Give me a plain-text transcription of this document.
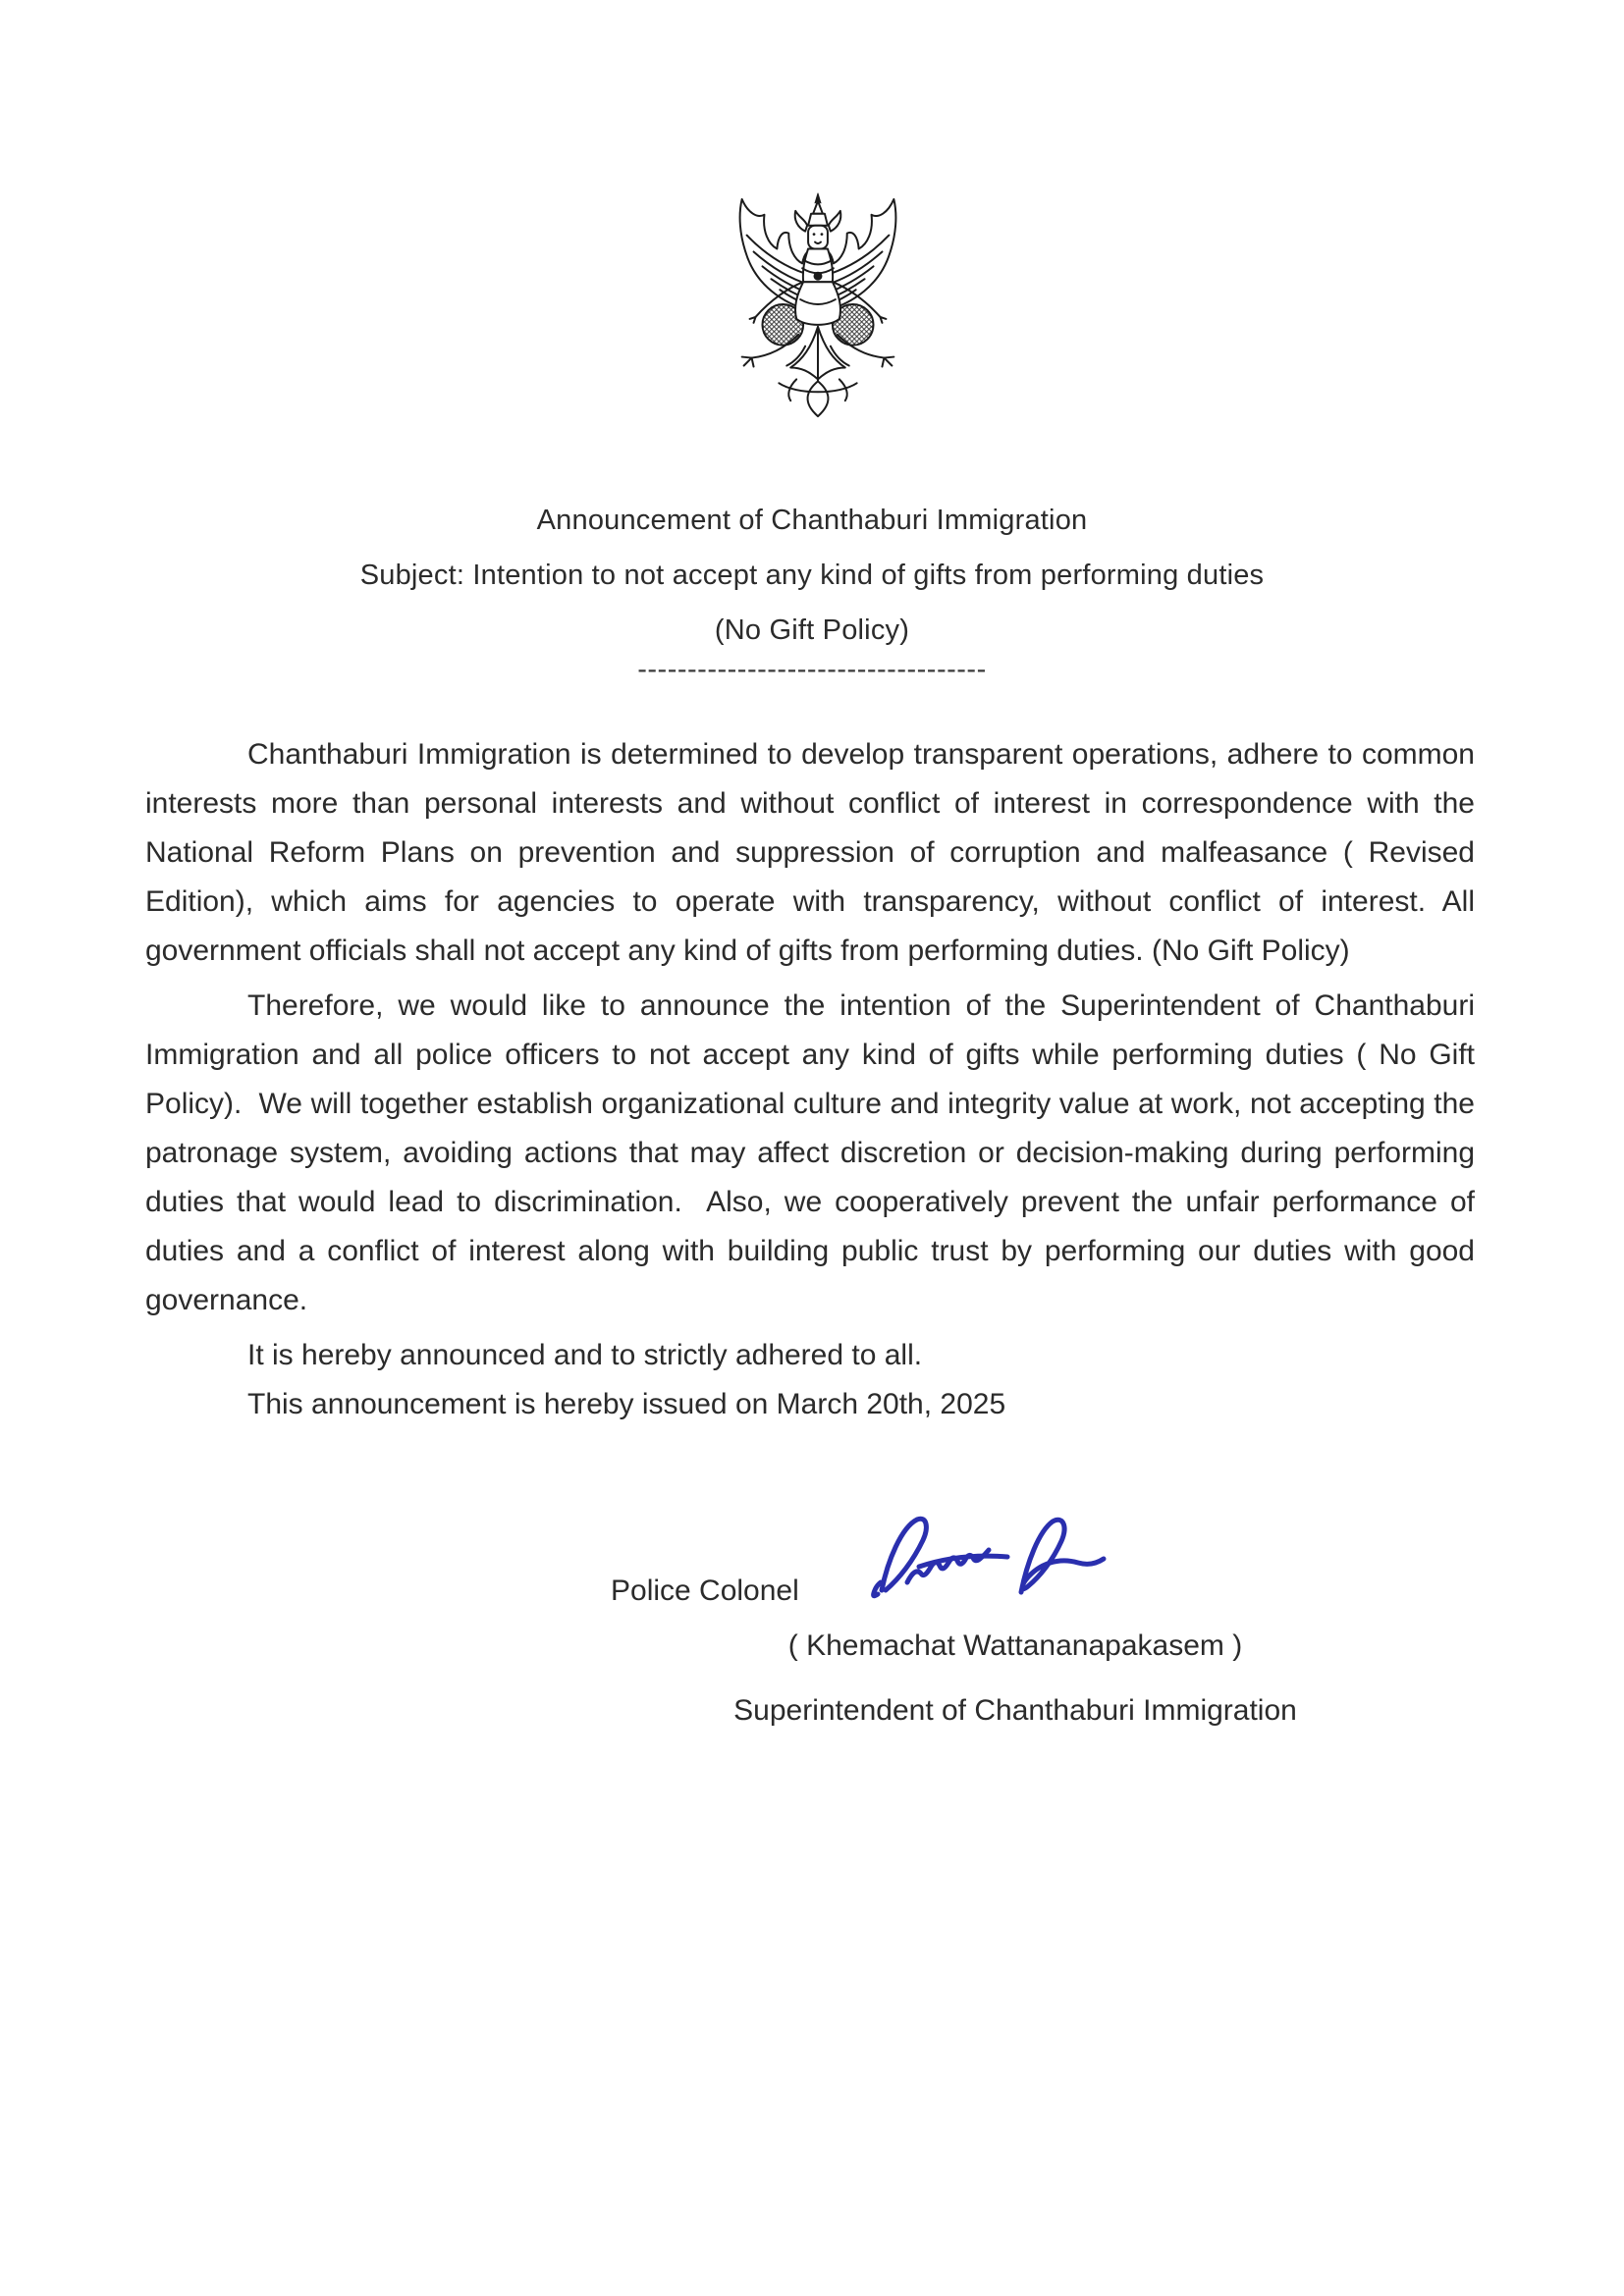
Announcement of Chanthaburi Immigration
Subject: Intention to not accept any kind of gifts from performing duties
(No Gift Policy)
-----------------------------------

Chanthaburi Immigration is determined to develop transparent operations, adhere to common interests more than personal interests and without conflict of interest in correspondence with the National Reform Plans on prevention and suppression of corruption and malfeasance ( Revised Edition), which aims for agencies to operate with transparency, without conflict of interest. All government officials shall not accept any kind of gifts from performing duties. (No Gift Policy)

Therefore, we would like to announce the intention of the Superintendent of Chanthaburi Immigration and all police officers to not accept any kind of gifts while performing duties ( No Gift Policy).  We will together establish organizational culture and integrity value at work, not accepting the patronage system, avoiding actions that may affect discretion or decision-making during performing duties that would lead to discrimination.  Also, we cooperatively prevent the unfair performance of duties and a conflict of interest along with building public trust by performing our duties with good governance.

It is hereby announced and to strictly adhered to all.

This announcement is hereby issued on March 20th, 2025

Police Colonel
( Khemachat Wattananapakasem )
Superintendent of Chanthaburi Immigration
